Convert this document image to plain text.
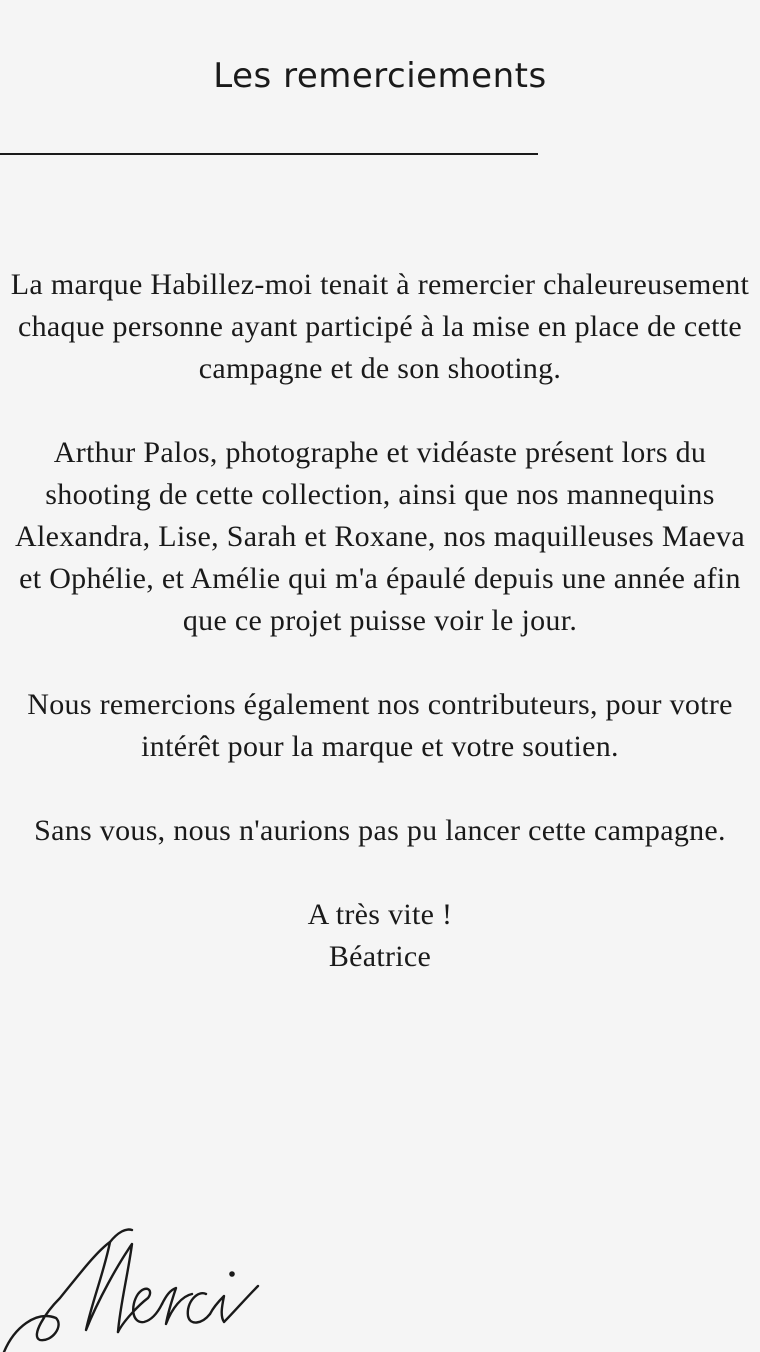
Les remerciements

La marque Habillez-moi tenait à remercier chaleureusement chaque personne ayant participé à la mise en place de cette campagne et de son shooting.

Arthur Palos, photographe et vidéaste présent lors du shooting de cette collection, ainsi que nos mannequins Alexandra, Lise, Sarah et Roxane, nos maquilleuses Maeva et Ophélie, et Amélie qui m'a épaulé depuis une année afin que ce projet puisse voir le jour.

Nous remercions également nos contributeurs, pour votre intérêt pour la marque et votre soutien.

Sans vous, nous n'aurions pas pu lancer cette campagne.

A très vite !
Béatrice
